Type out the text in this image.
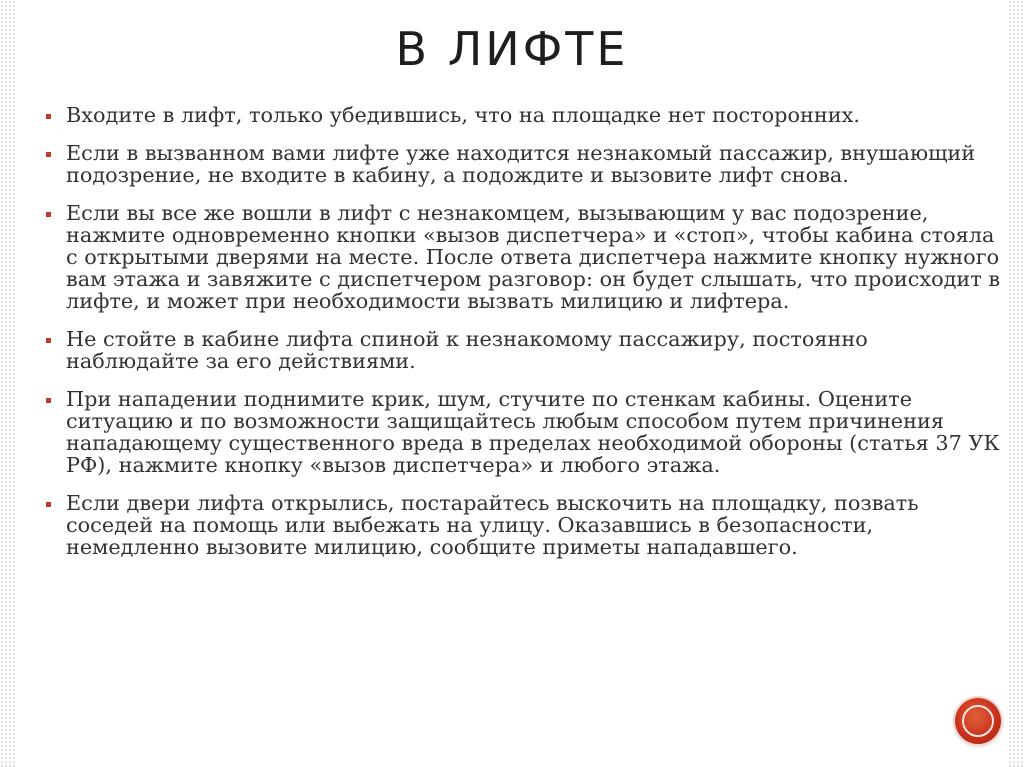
В ЛИФТЕ
Входите в лифт, только убедившись, что на площадке нет посторонних.
Если в вызванном вами лифте уже находится незнакомый пассажир, внушающий подозрение, не входите в кабину, а подождите и вызовите лифт снова.
Если вы все же вошли в лифт с незнакомцем, вызывающим у вас подозрение, нажмите одновременно кнопки «вызов диспетчера» и «стоп», чтобы кабина стояла с открытыми дверями на месте. После ответа диспетчера нажмите кнопку нужного вам этажа и завяжите с диспетчером разговор: он будет слышать, что происходит в лифте, и может при необходимости вызвать милицию и лифтера.
Не стойте в кабине лифта спиной к незнакомому пассажиру, постоянно наблюдайте за его действиями.
При нападении поднимите крик, шум, стучите по стенкам кабины. Оцените ситуацию и по возможности защищайтесь любым способом путем причинения нападающему существенного вреда в пределах необходимой обороны (статья 37 УК РФ), нажмите кнопку «вызов диспетчера» и любого этажа.
Если двери лифта открылись, постарайтесь выскочить на площадку, позвать соседей на помощь или выбежать на улицу. Оказавшись в безопасности, немедленно вызовите милицию, сообщите приметы нападавшего.
